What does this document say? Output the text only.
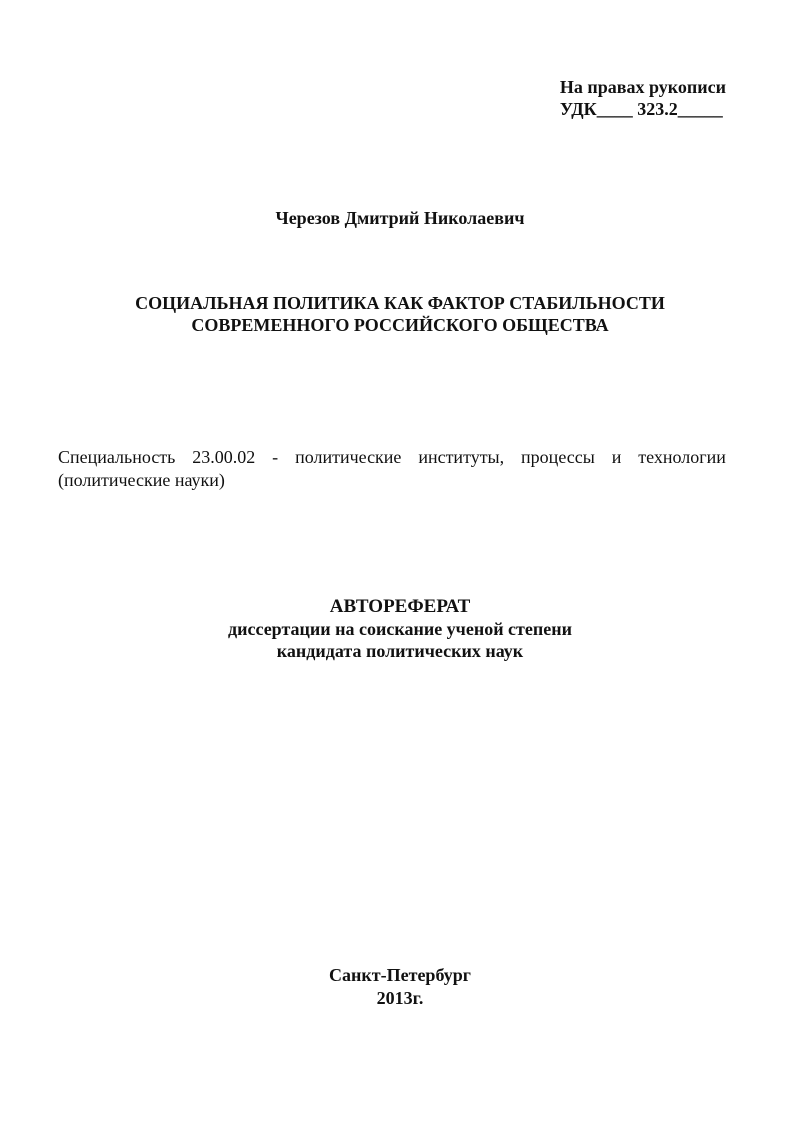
На правах рукописи
УДК____ 323.2_____
Черезов Дмитрий Николаевич
СОЦИАЛЬНАЯ ПОЛИТИКА КАК ФАКТОР СТАБИЛЬНОСТИ
СОВРЕМЕННОГО РОССИЙСКОГО ОБЩЕСТВА
Специальность 23.00.02 - политические институты, процессы и технологии
(политические науки)
АВТОРЕФЕРАТ
диссертации на соискание ученой степени
кандидата политических наук
Санкт-Петербург
2013г.
